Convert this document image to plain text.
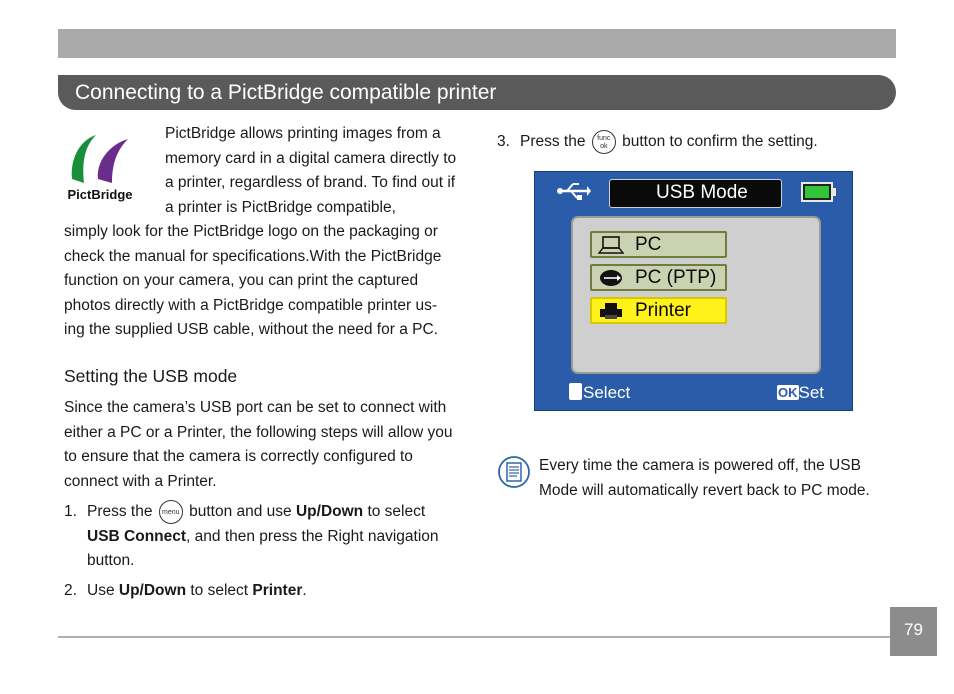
Connecting to a PictBridge compatible printer
PictBridge
PictBridge allows printing images from a memory card in a digital camera directly to a printer, regardless of brand. To find out if a printer is PictBridge compatible,
simply look for the PictBridge logo on the packaging or check the manual for specifications.With the PictBridge function on your camera, you can print the captured photos directly with a PictBridge compatible printer us- ing the supplied USB cable, without the need for a PC.
Setting the USB mode
Since the camera’s USB port can be set to connect with either a PC or a Printer, the following steps will allow you to ensure that the camera is correctly configured to connect with a Printer.
1. Press the menu button and use Up/Down to select
USB Connect, and then press the Right navigation button.
2. Use Up/Down to select Printer.
3. Press the func
ok button to confirm the setting.
USB Mode
PC
PC (PTP)
Printer
Select	OKSet
Every time the camera is powered off, the USB Mode will automatically revert back to PC mode.
79
